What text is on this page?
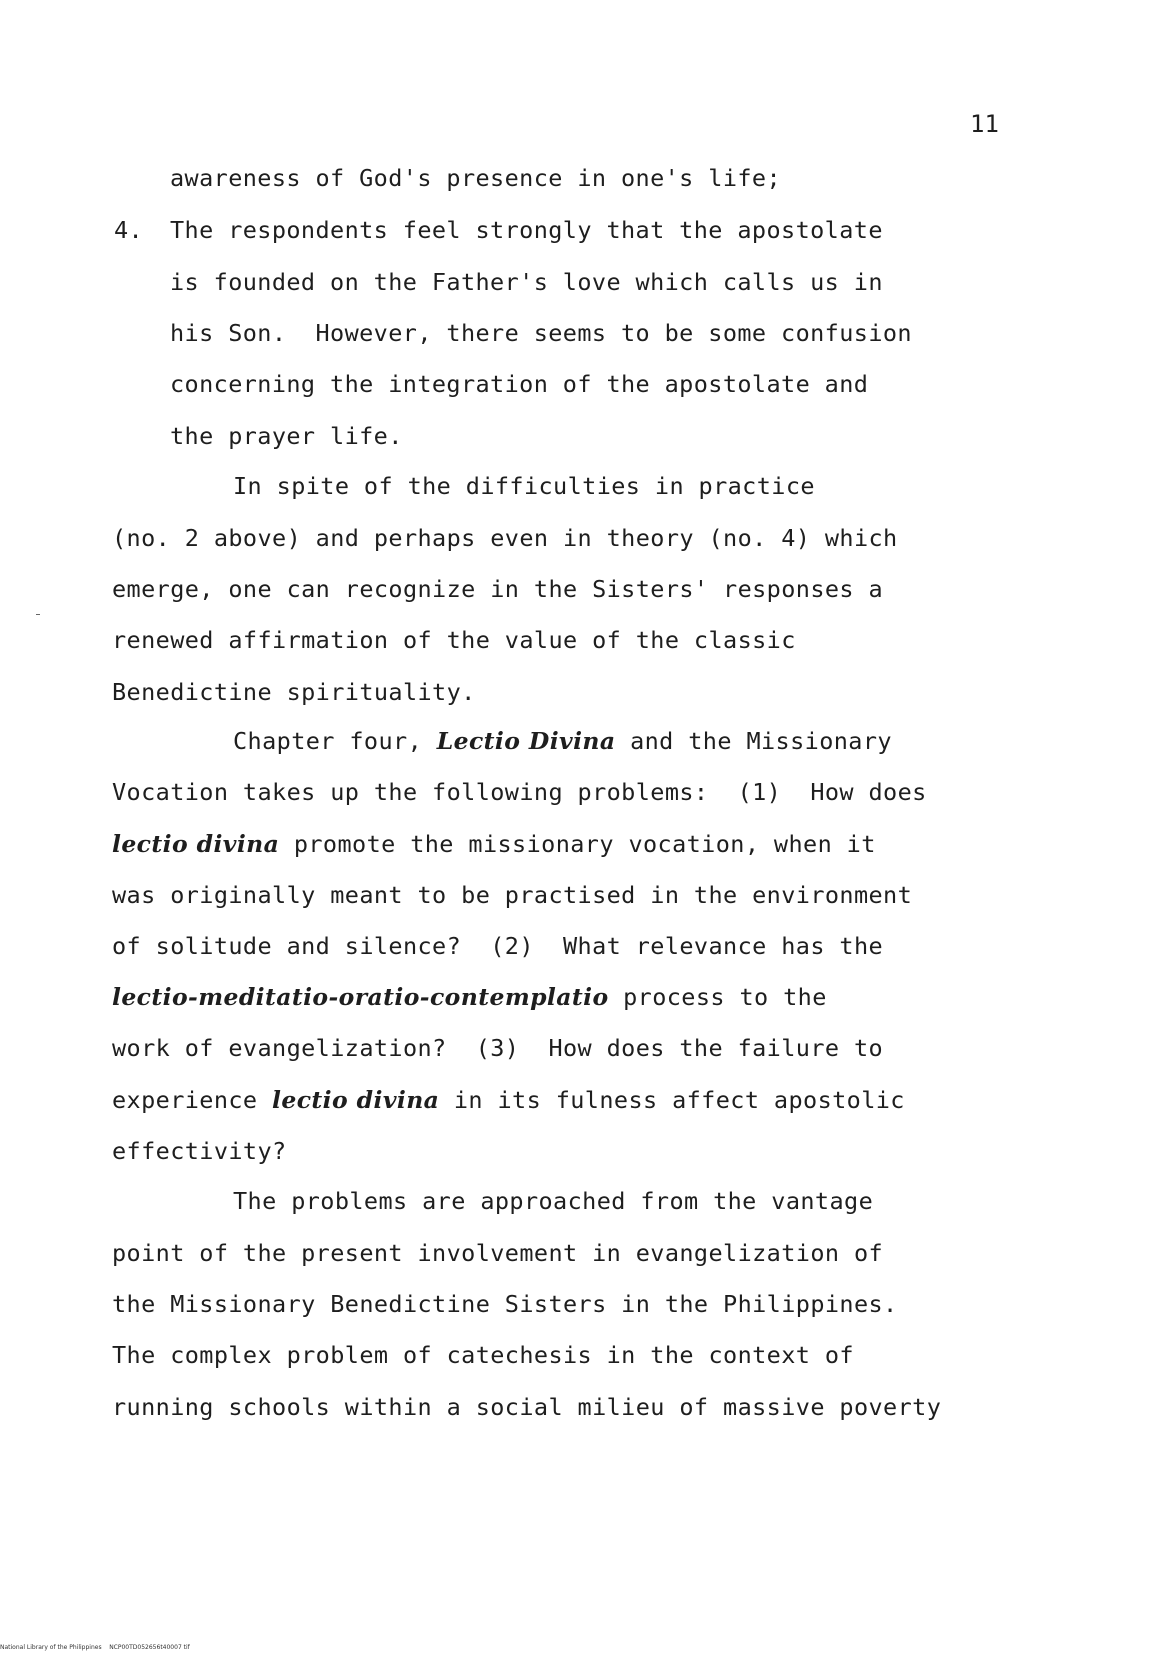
11
awareness of God's presence in one's life;
4. The respondents feel strongly that the apostolate
is founded on the Father's love which calls us in
his Son.  However, there seems to be some confusion
concerning the integration of the apostolate and
the prayer life.
In spite of the difficulties in practice
(no. 2 above) and perhaps even in theory (no. 4) which
emerge, one can recognize in the Sisters' responses a
renewed affirmation of the value of the classic
Benedictine spirituality.
Chapter four, Lectio Divina and the Missionary
Vocation takes up the following problems:  (1)  How does
lectio divina promote the missionary vocation, when it
was originally meant to be practised in the environment
of solitude and silence?  (2)  What relevance has the
lectio-meditatio-oratio-contemplatio process to the
work of evangelization?  (3)  How does the failure to
experience lectio divina in its fulness affect apostolic
effectivity?
The problems are approached from the vantage
point of the present involvement in evangelization of
the Missionary Benedictine Sisters in the Philippines.
The complex problem of catechesis in the context of
running schools within a social milieu of massive poverty
National Library of the Philippines    NCP00TD052656t40007 tif
